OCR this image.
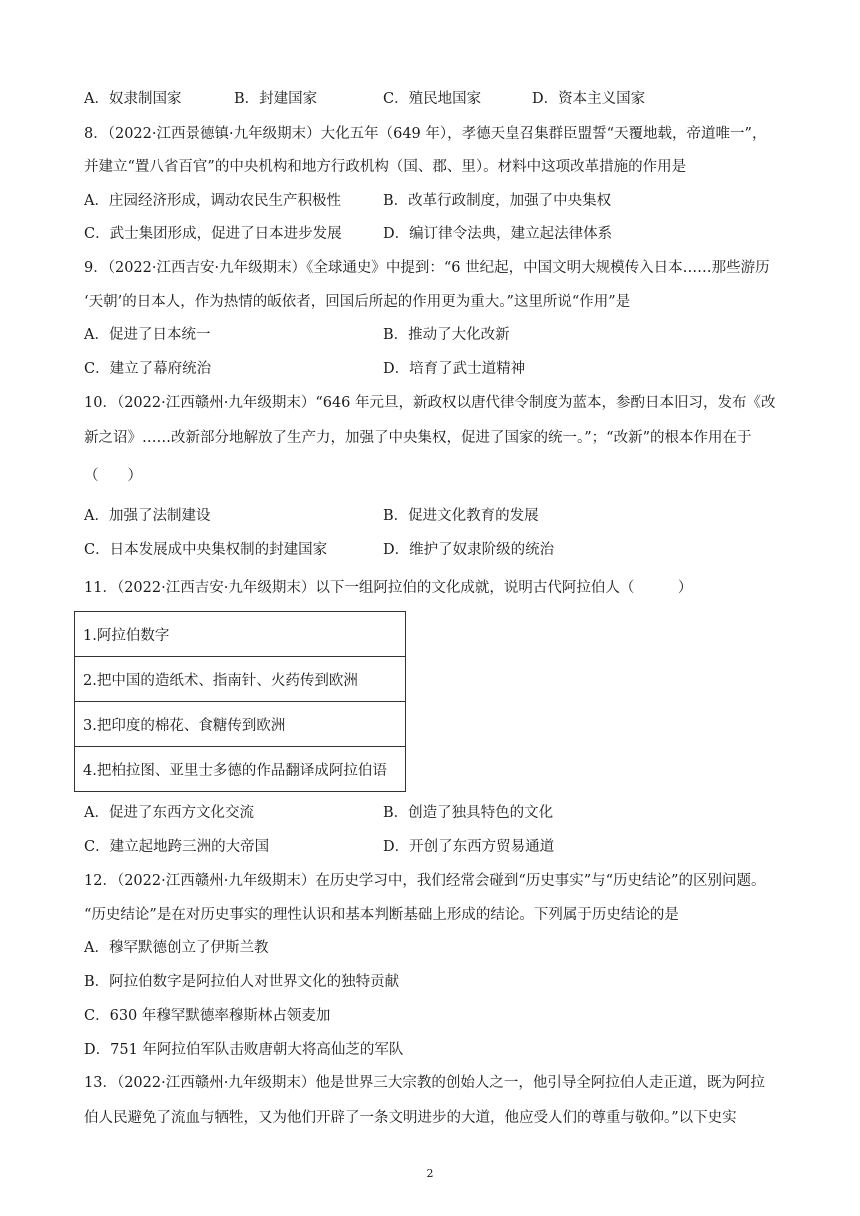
A．奴隶制国家	B．封建国家	C．殖民地国家	D．资本主义国家
8．（2022·江西景德镇·九年级期末）大化五年（649 年），孝德天皇召集群臣盟誓“天覆地载，帝道唯一”，
并建立“置八省百官”的中央机构和地方行政机构（国、郡、里）。材料中这项改革措施的作用是
A．庄园经济形成，调动农民生产积极性	B．改革行政制度，加强了中央集权
C．武士集团形成，促进了日本进步发展	D．编订律令法典，建立起法律体系
9．（2022·江西吉安·九年级期末）《全球通史》中提到：“6 世纪起，中国文明大规模传入日本……那些游历
‘天朝’的日本人，作为热情的皈依者，回国后所起的作用更为重大。”这里所说“作用”是
A．促进了日本统一	B．推动了大化改新
C．建立了幕府统治	D．培育了武士道精神
10．（2022·江西赣州·九年级期末）“646 年元旦，新政权以唐代律令制度为蓝本，参酌日本旧习，发布《改
新之诏》……改新部分地解放了生产力，加强了中央集权，促进了国家的统一。”；“改新”的根本作用在于
（　　）
A．加强了法制建设	B．促进文化教育的发展
C．日本发展成中央集权制的封建国家	D．维护了奴隶阶级的统治
11．（2022·江西吉安·九年级期末）以下一组阿拉伯的文化成就，说明古代阿拉伯人（　　　）
1.阿拉伯数字
2.把中国的造纸术、指南针、火药传到欧洲
3.把印度的棉花、食糖传到欧洲
4.把柏拉图、亚里士多德的作品翻译成阿拉伯语
A．促进了东西方文化交流	B．创造了独具特色的文化
C．建立起地跨三洲的大帝国	D．开创了东西方贸易通道
12．（2022·江西赣州·九年级期末）在历史学习中，我们经常会碰到“历史事实”与“历史结论”的区别问题。
“历史结论”是在对历史事实的理性认识和基本判断基础上形成的结论。下列属于历史结论的是
A．穆罕默德创立了伊斯兰教
B．阿拉伯数字是阿拉伯人对世界文化的独特贡献
C．630 年穆罕默德率穆斯林占领麦加
D．751 年阿拉伯军队击败唐朝大将高仙芝的军队
13．（2022·江西赣州·九年级期末）他是世界三大宗教的创始人之一，他引导全阿拉伯人走正道，既为阿拉
伯人民避免了流血与牺牲，又为他们开辟了一条文明进步的大道，他应受人们的尊重与敬仰。”以下史实
2
